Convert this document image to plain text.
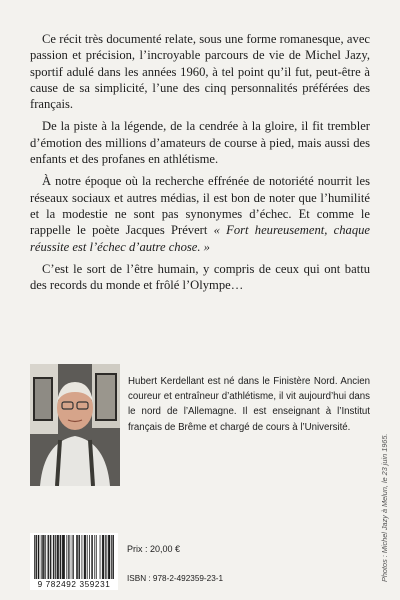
Ce récit très documenté relate, sous une forme romanesque, avec passion et précision, l’incroyable parcours de vie de Michel Jazy, sportif adulé dans les années 1960, à tel point qu’il fut, peut-être à cause de sa simplicité, l’une des cinq personnalités préférées des français.

De la piste à la légende, de la cendrée à la gloire, il fit trembler d’émotion des millions d’amateurs de course à pied, mais aussi des enfants et des profanes en athlétisme.

À notre époque où la recherche effrénée de notoriété nourrit les réseaux sociaux et autres médias, il est bon de noter que l’humilité et la modestie ne sont pas synonymes d’échec. Et comme le rappelle le poète Jacques Prévert « Fort heureusement, chaque réussite est l’échec d’autre chose. »

C’est le sort de l’être humain, y compris de ceux qui ont battu des records du monde et frôlé l’Olympe…

Hubert Kerdellant est né dans le Finistère Nord. Ancien coureur et entraîneur d’athlétisme, il vit aujourd’hui dans le nord de l’Allemagne. Il est enseignant à l’Institut français de Brême et chargé de cours à l’Université.
Photos : Michel Jazy à Melun, le 23 juin 1965.
9 782492 359231
Prix : 20,00 €
ISBN : 978-2-492359-23-1
